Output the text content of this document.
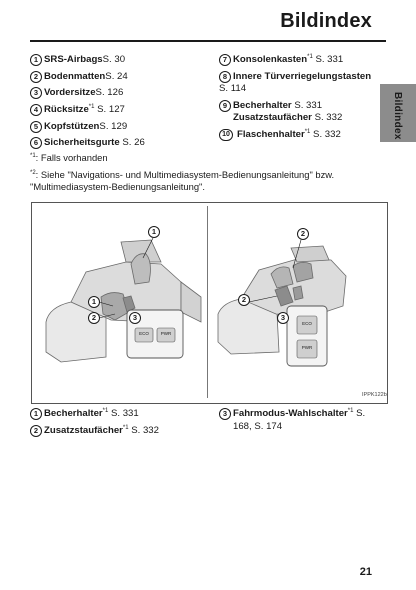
Bildindex
Bildindex
1 SRS-AirbagsS. 30
2 BodenmattenS. 24
3 VordersitzeS. 126
4 Rücksitze$^{*1}$ S. 127
5 KopfstützenS. 129
6 Sicherheitsgurte S. 26
7 Konsolenkasten$^{*1}$ S. 331
8 Innere Türverriegelungstasten
S. 114
9 Becherhalter S. 331
Zusatzstaufächer S. 332
10 Flaschenhalter$^{*1}$ S. 332

$^{*1}$: Falls vorhanden

$^{*2}$: Siehe "Navigations- und Multimediasystem-Bedienungsanleitung" bzw. "Multimediasystem-Bedienungsanleitung".

1
1
2	3
2
2
3
ECO	PWR
ECO
PWR
IPPK122b
1 Becherhalter$^{*1}$ S. 331
2 Zusatzstaufächer$^{*1}$ S. 332
3 Fahrmodus-Wahlschalter$^{*1}$ S. 168, S. 174
21
